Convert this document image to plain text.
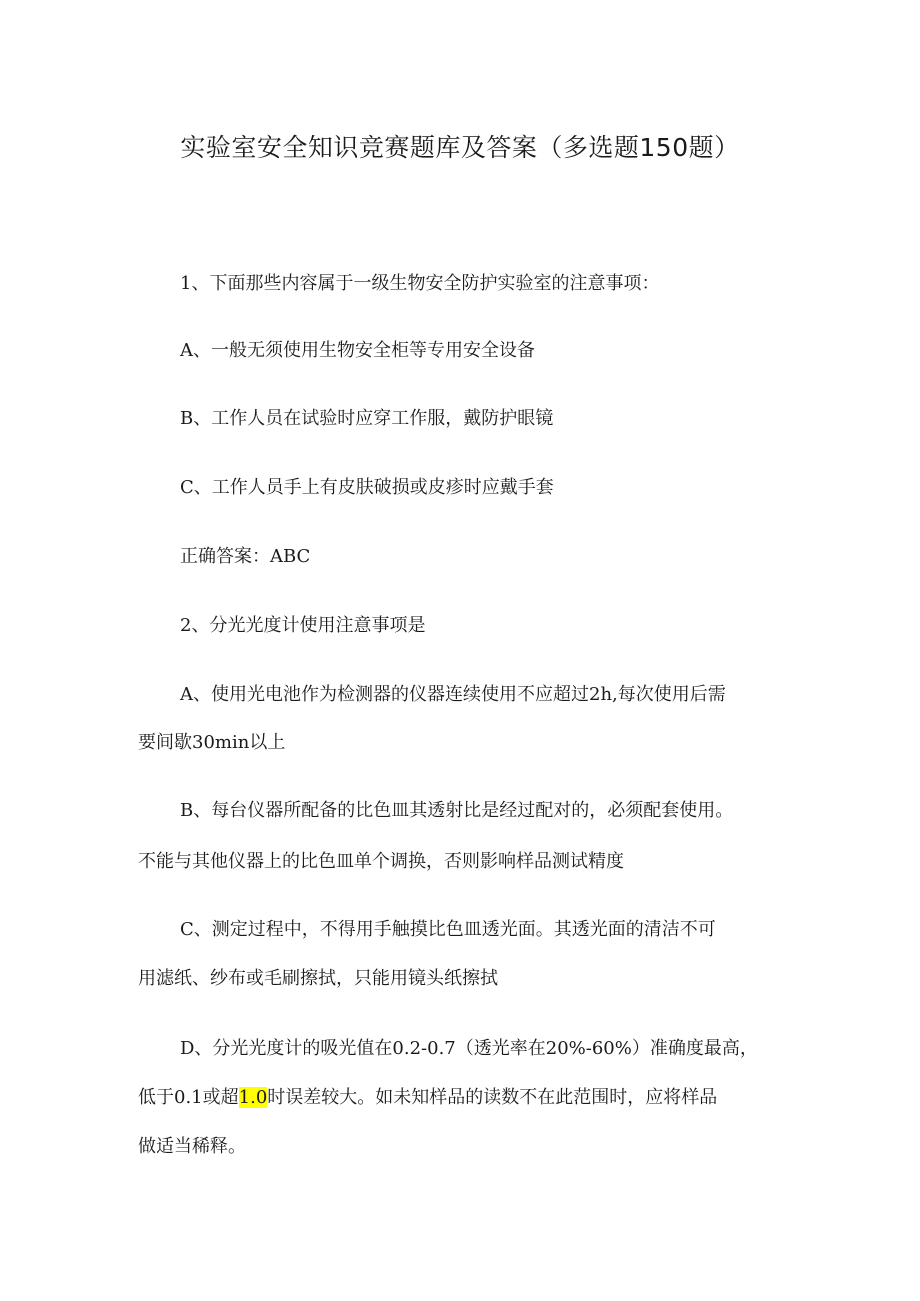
实验室安全知识竞赛题库及答案（多选题150题）
1、下面那些内容属于一级生物安全防护实验室的注意事项：
A、一般无须使用生物安全柜等专用安全设备
B、工作人员在试验时应穿工作服，戴防护眼镜
C、工作人员手上有皮肤破损或皮疹时应戴手套
正确答案：ABC
2、分光光度计使用注意事项是
A、使用光电池作为检测器的仪器连续使用不应超过2h,每次使用后需
要间歇30min以上
B、每台仪器所配备的比色皿其透射比是经过配对的，必须配套使用。
不能与其他仪器上的比色皿单个调换，否则影响样品测试精度
C、测定过程中，不得用手触摸比色皿透光面。其透光面的清洁不可
用滤纸、纱布或毛刷擦拭，只能用镜头纸擦拭
D、分光光度计的吸光值在0.2-0.7（透光率在20%-60%）准确度最高，
低于0.1或超1.0时误差较大。如未知样品的读数不在此范围时，应将样品
做适当稀释。
